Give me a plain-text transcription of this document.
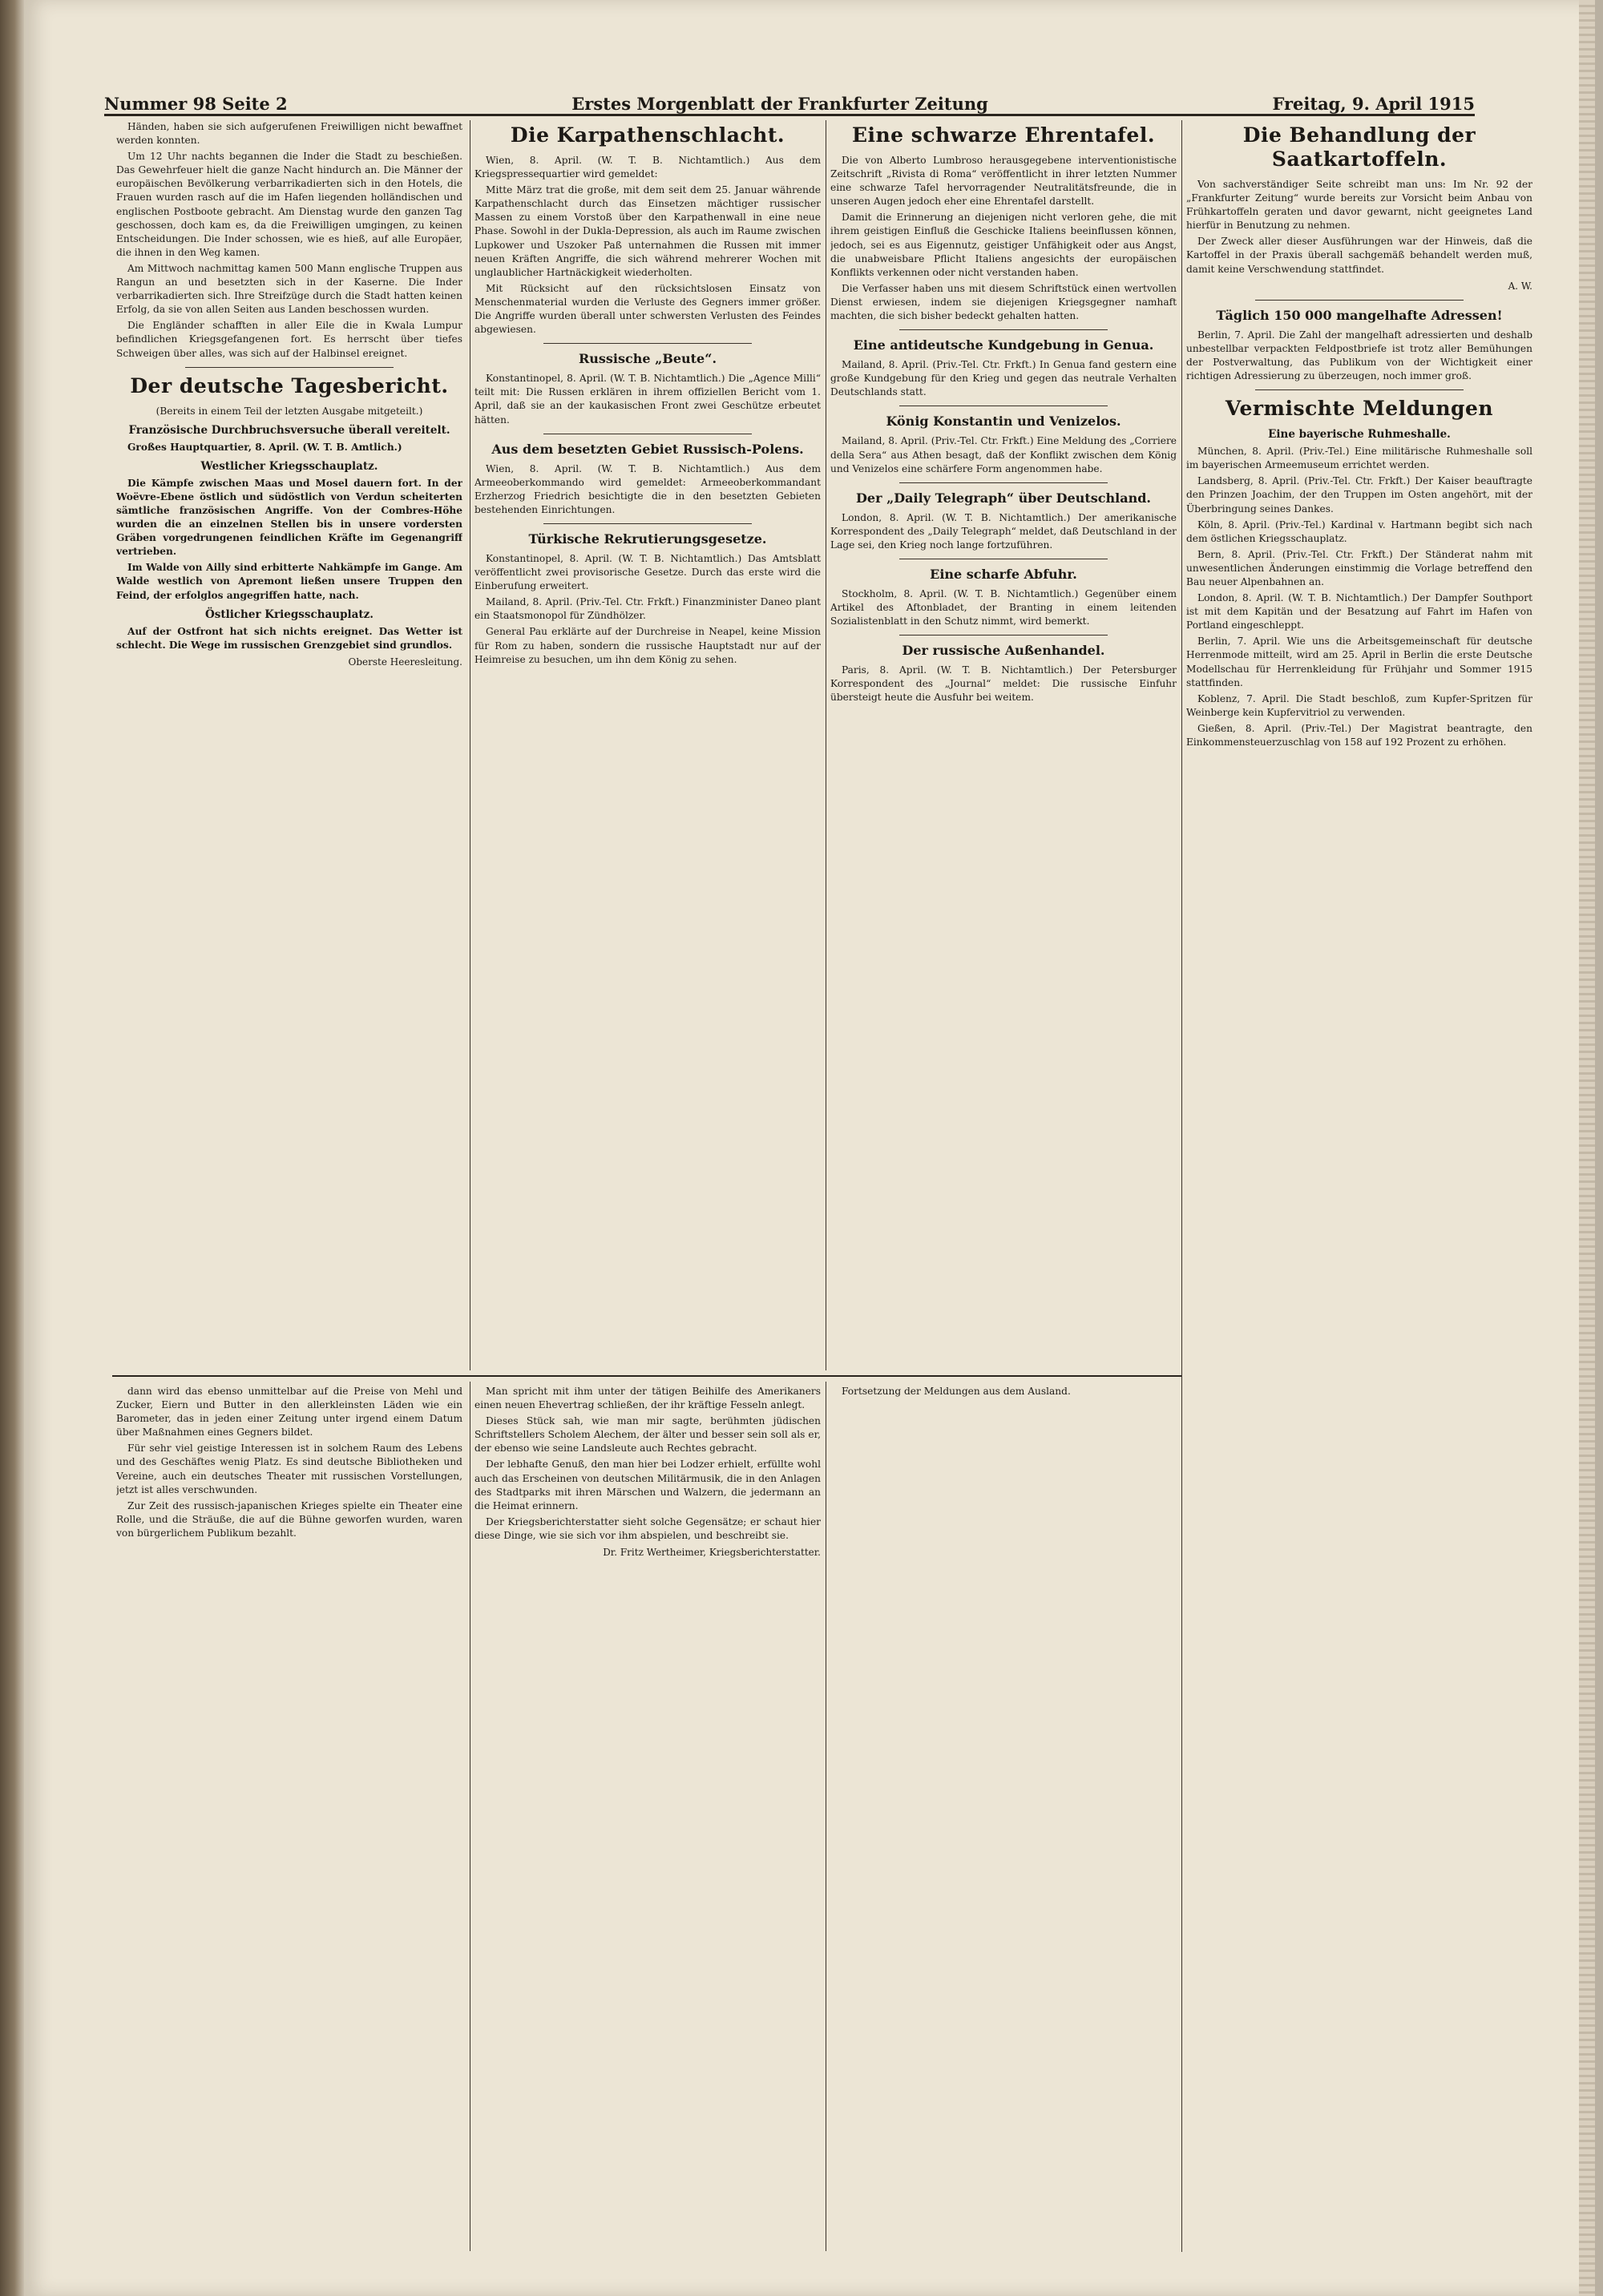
Nummer 98 Seite 2	Erstes Morgenblatt der Frankfurter Zeitung	Freitag, 9. April 1915

Händen, haben sie sich aufgerufenen Freiwilligen nicht bewaffnet werden konnten.

Um 12 Uhr nachts begannen die Inder die Stadt zu beschießen. Das Gewehrfeuer hielt die ganze Nacht hindurch an. Die Männer der europäischen Bevölkerung verbarrikadierten sich in den Hotels, die Frauen wurden rasch auf die im Hafen liegenden holländischen und englischen Postboote gebracht. Am Dienstag wurde den ganzen Tag geschossen, doch kam es, da die Freiwilligen umgingen, zu keinen Entscheidungen. Die Inder schossen, wie es hieß, auf alle Europäer, die ihnen in den Weg kamen.

Am Mittwoch nachmittag kamen 500 Mann englische Truppen aus Rangun an und besetzten sich in der Kaserne. Die Inder verbarrikadierten sich. Ihre Streifzüge durch die Stadt hatten keinen Erfolg, da sie von allen Seiten aus Landen beschossen wurden.

Die Engländer schafften in aller Eile die in Kwala Lumpur befindlichen Kriegsgefangenen fort. Es herrscht über tiefes Schweigen über alles, was sich auf der Halbinsel ereignet.

Der deutsche Tagesbericht.

(Bereits in einem Teil der letzten Ausgabe mitgeteilt.)

Französische Durchbruchsversuche überall vereitelt.

Großes Hauptquartier, 8. April. (W. T. B. Amtlich.)

Westlicher Kriegsschauplatz.

Die Kämpfe zwischen Maas und Mosel dauern fort. In der Woëvre-Ebene östlich und südöstlich von Verdun scheiterten sämtliche französischen Angriffe. Von der Combres-Höhe wurden die an einzelnen Stellen bis in unsere vordersten Gräben vorgedrungenen feindlichen Kräfte im Gegenangriff vertrieben.

Im Walde von Ailly sind erbitterte Nahkämpfe im Gange. Am Walde westlich von Apremont ließen unsere Truppen den Feind, der erfolglos angegriffen hatte, nach.

Östlicher Kriegsschauplatz.

Auf der Ostfront hat sich nichts ereignet. Das Wetter ist schlecht. Die Wege im russischen Grenzgebiet sind grundlos.

Oberste Heeresleitung.
Die Karpathenschlacht.

Wien, 8. April. (W. T. B. Nichtamtlich.) Aus dem Kriegspressequartier wird gemeldet:

Mitte März trat die große, mit dem seit dem 25. Januar währende Karpathenschlacht durch das Einsetzen mächtiger russischer Massen zu einem Vorstoß über den Karpathenwall in eine neue Phase. Sowohl in der Dukla-Depression, als auch im Raume zwischen Lupkower und Uszoker Paß unternahmen die Russen mit immer neuen Kräften Angriffe, die sich während mehrerer Wochen mit unglaublicher Hartnäckigkeit wiederholten.

Mit Rücksicht auf den rücksichtslosen Einsatz von Menschenmaterial wurden die Verluste des Gegners immer größer. Die Angriffe wurden überall unter schwersten Verlusten des Feindes abgewiesen.

Russische „Beute“.

Konstantinopel, 8. April. (W. T. B. Nichtamtlich.) Die „Agence Milli“ teilt mit: Die Russen erklären in ihrem offiziellen Bericht vom 1. April, daß sie an der kaukasischen Front zwei Geschütze erbeutet hätten.

Aus dem besetzten Gebiet Russisch-Polens.

Wien, 8. April. (W. T. B. Nichtamtlich.) Aus dem Armeeoberkommando wird gemeldet: Armeeoberkommandant Erzherzog Friedrich besichtigte die in den besetzten Gebieten bestehenden Einrichtungen.

Türkische Rekrutierungsgesetze.

Konstantinopel, 8. April. (W. T. B. Nichtamtlich.) Das Amtsblatt veröffentlicht zwei provisorische Gesetze. Durch das erste wird die Einberufung erweitert.

Mailand, 8. April. (Priv.-Tel. Ctr. Frkft.) Finanzminister Daneo plant ein Staatsmonopol für Zündhölzer.

General Pau erklärte auf der Durchreise in Neapel, keine Mission für Rom zu haben, sondern die russische Hauptstadt nur auf der Heimreise zu besuchen, um ihn dem König zu sehen.

Eine schwarze Ehrentafel.

Die von Alberto Lumbroso herausgegebene interventionistische Zeitschrift „Rivista di Roma“ veröffentlicht in ihrer letzten Nummer eine schwarze Tafel hervorragender Neutralitätsfreunde, die in unseren Augen jedoch eher eine Ehrentafel darstellt.

Damit die Erinnerung an diejenigen nicht verloren gehe, die mit ihrem geistigen Einfluß die Geschicke Italiens beeinflussen können, jedoch, sei es aus Eigennutz, geistiger Unfähigkeit oder aus Angst, die unabweisbare Pflicht Italiens angesichts der europäischen Konflikts verkennen oder nicht verstanden haben.

Die Verfasser haben uns mit diesem Schriftstück einen wertvollen Dienst erwiesen, indem sie diejenigen Kriegsgegner namhaft machten, die sich bisher bedeckt gehalten hatten.

Eine antideutsche Kundgebung in Genua.

Mailand, 8. April. (Priv.-Tel. Ctr. Frkft.) In Genua fand gestern eine große Kundgebung für den Krieg und gegen das neutrale Verhalten Deutschlands statt.

König Konstantin und Venizelos.

Mailand, 8. April. (Priv.-Tel. Ctr. Frkft.) Eine Meldung des „Corriere della Sera“ aus Athen besagt, daß der Konflikt zwischen dem König und Venizelos eine schärfere Form angenommen habe.

Der „Daily Telegraph“ über Deutschland.

London, 8. April. (W. T. B. Nichtamtlich.) Der amerikanische Korrespondent des „Daily Telegraph“ meldet, daß Deutschland in der Lage sei, den Krieg noch lange fortzuführen.

Eine scharfe Abfuhr.

Stockholm, 8. April. (W. T. B. Nichtamtlich.) Gegenüber einem Artikel des Aftonbladet, der Branting in einem leitenden Sozialistenblatt in den Schutz nimmt, wird bemerkt.

Der russische Außenhandel.

Paris, 8. April. (W. T. B. Nichtamtlich.) Der Petersburger Korrespondent des „Journal“ meldet: Die russische Einfuhr übersteigt heute die Ausfuhr bei weitem.

Die Behandlung der Saatkartoffeln.

Von sachverständiger Seite schreibt man uns: Im Nr. 92 der „Frankfurter Zeitung“ wurde bereits zur Vorsicht beim Anbau von Frühkartoffeln geraten und davor gewarnt, nicht geeignetes Land hierfür in Benutzung zu nehmen.

Der Zweck aller dieser Ausführungen war der Hinweis, daß die Kartoffel in der Praxis überall sachgemäß behandelt werden muß, damit keine Verschwendung stattfindet.

A. W.
Täglich 150 000 mangelhafte Adressen!

Berlin, 7. April. Die Zahl der mangelhaft adressierten und deshalb unbestellbar verpackten Feldpostbriefe ist trotz aller Bemühungen der Postverwaltung, das Publikum von der Wichtigkeit einer richtigen Adressierung zu überzeugen, noch immer groß.

Vermischte Meldungen
Eine bayerische Ruhmeshalle.

München, 8. April. (Priv.-Tel.) Eine militärische Ruhmeshalle soll im bayerischen Armeemuseum errichtet werden.

Landsberg, 8. April. (Priv.-Tel. Ctr. Frkft.) Der Kaiser beauftragte den Prinzen Joachim, der den Truppen im Osten angehört, mit der Überbringung seines Dankes.

Köln, 8. April. (Priv.-Tel.) Kardinal v. Hartmann begibt sich nach dem östlichen Kriegsschauplatz.

Bern, 8. April. (Priv.-Tel. Ctr. Frkft.) Der Ständerat nahm mit unwesentlichen Änderungen einstimmig die Vorlage betreffend den Bau neuer Alpenbahnen an.

London, 8. April. (W. T. B. Nichtamtlich.) Der Dampfer Southport ist mit dem Kapitän und der Besatzung auf Fahrt im Hafen von Portland eingeschleppt.

Berlin, 7. April. Wie uns die Arbeitsgemeinschaft für deutsche Herrenmode mitteilt, wird am 25. April in Berlin die erste Deutsche Modellschau für Herrenkleidung für Frühjahr und Sommer 1915 stattfinden.

Koblenz, 7. April. Die Stadt beschloß, zum Kupfer-Spritzen für Weinberge kein Kupfervitriol zu verwenden.

Gießen, 8. April. (Priv.-Tel.) Der Magistrat beantragte, den Einkommensteuerzuschlag von 158 auf 192 Prozent zu erhöhen.

dann wird das ebenso unmittelbar auf die Preise von Mehl und Zucker, Eiern und Butter in den allerkleinsten Läden wie ein Barometer, das in jeden einer Zeitung unter irgend einem Datum über Maßnahmen eines Gegners bildet.

Für sehr viel geistige Interessen ist in solchem Raum des Lebens und des Geschäftes wenig Platz. Es sind deutsche Bibliotheken und Vereine, auch ein deutsches Theater mit russischen Vorstellungen, jetzt ist alles verschwunden.

Zur Zeit des russisch-japanischen Krieges spielte ein Theater eine Rolle, und die Sträuße, die auf die Bühne geworfen wurden, waren von bürgerlichem Publikum bezahlt.

Man spricht mit ihm unter der tätigen Beihilfe des Amerikaners einen neuen Ehevertrag schließen, der ihr kräftige Fesseln anlegt.

Dieses Stück sah, wie man mir sagte, berühmten jüdischen Schriftstellers Scholem Alechem, der älter und besser sein soll als er, der ebenso wie seine Landsleute auch Rechtes gebracht.

Der lebhafte Genuß, den man hier bei Lodzer erhielt, erfüllte wohl auch das Erscheinen von deutschen Militärmusik, die in den Anlagen des Stadtparks mit ihren Märschen und Walzern, die jedermann an die Heimat erinnern.

Der Kriegsberichterstatter sieht solche Gegensätze; er schaut hier diese Dinge, wie sie sich vor ihm abspielen, und beschreibt sie.

Dr. Fritz Wertheimer, Kriegsberichterstatter.

Fortsetzung der Meldungen aus dem Ausland.
